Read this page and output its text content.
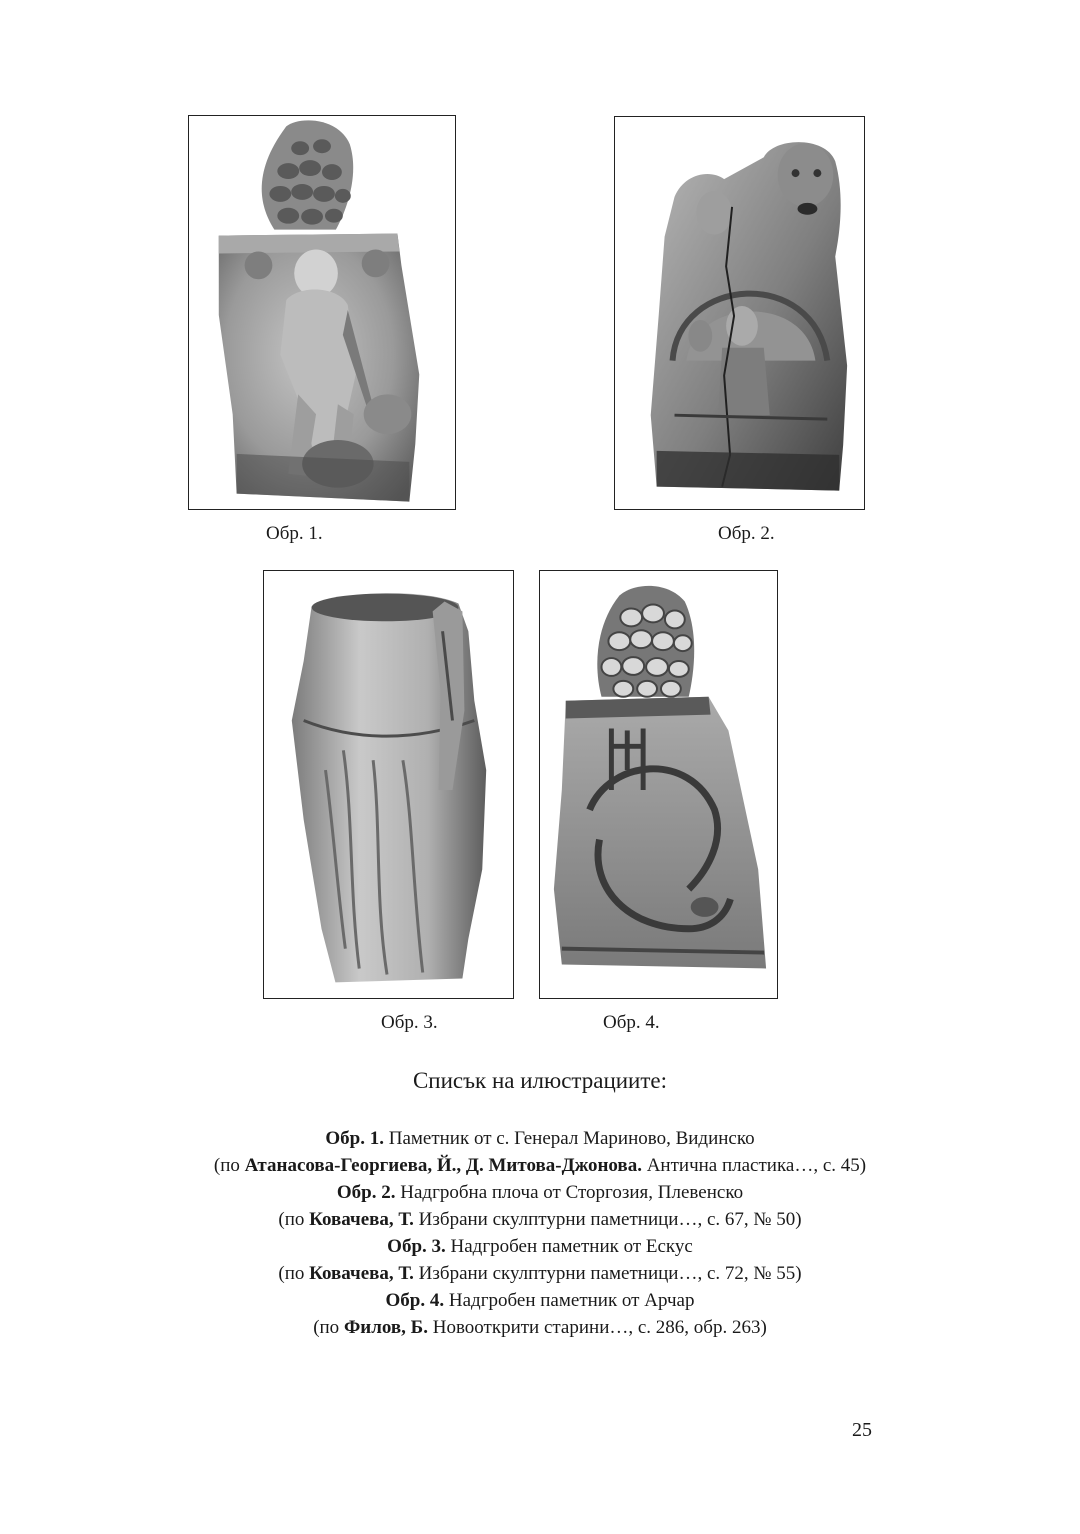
Обр. 1.	Обр. 2.
Обр. 3.	Обр. 4.
Списък на илюстрациите:
Обр. 1. Паметник от с. Генерал Мариново, Видинско
(по Атанасова-Георгиева, Й., Д. Митова-Джонова. Антична пластика…, с. 45)
Обр. 2. Надгробна плоча от Сторгозия, Плевенско
(по Ковачева, Т. Избрани скулптурни паметници…, с. 67, № 50)
Обр. 3. Надгробен паметник от Ескус
(по Ковачева, Т. Избрани скулптурни паметници…, с. 72, № 55)
Обр. 4. Надгробен паметник от Арчар
(по Филов, Б. Новооткрити старини…, с. 286, обр. 263)
25
